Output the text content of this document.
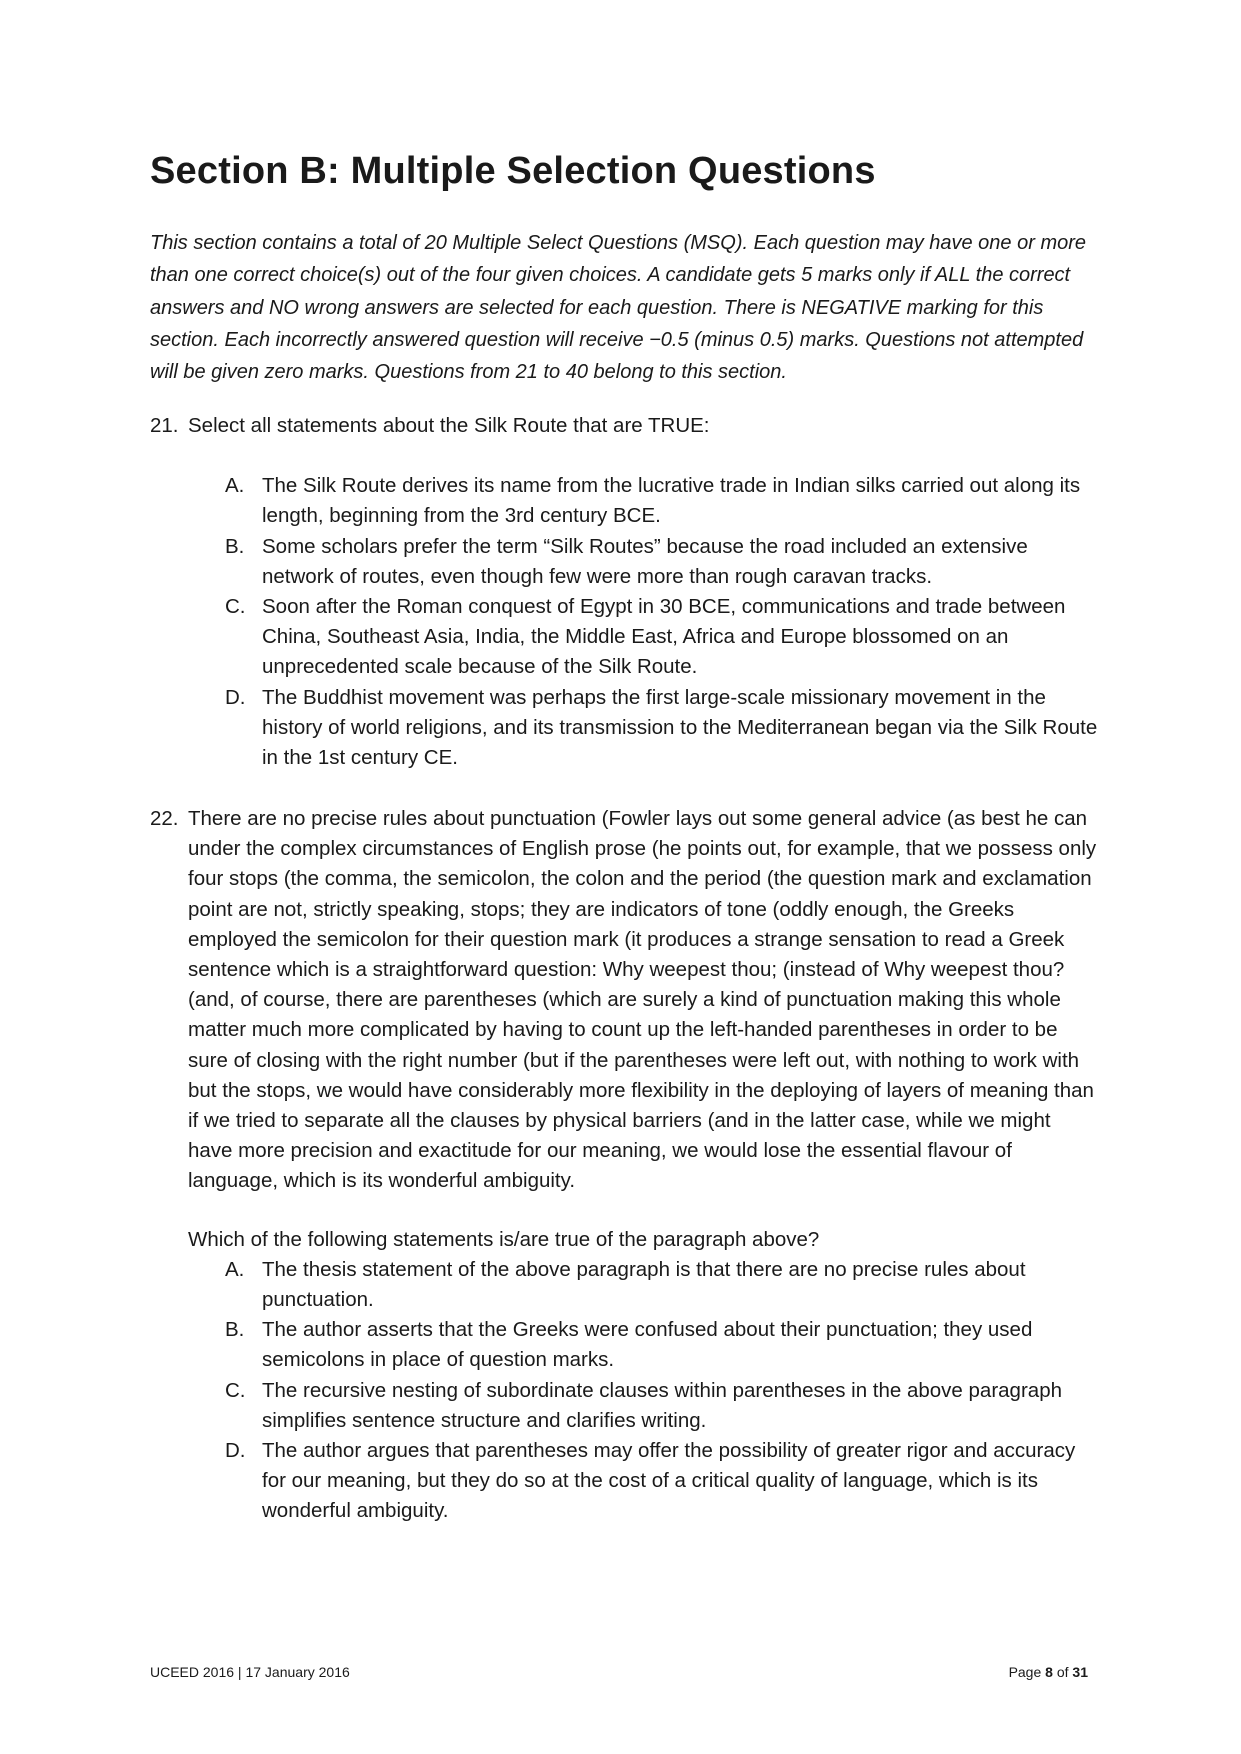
Section B: Multiple Selection Questions

This section contains a total of 20 Multiple Select Questions (MSQ). Each question may have one or more than one correct choice(s) out of the four given choices. A candidate gets 5 marks only if ALL the correct answers and NO wrong answers are selected for each question. There is NEGATIVE marking for this section. Each incorrectly answered question will receive −0.5 (minus 0.5) marks. Questions not attempted will be given zero marks. Questions from 21 to 40 belong to this section.

21. Select all statements about the Silk Route that are TRUE:
A. The Silk Route derives its name from the lucrative trade in Indian silks carried out along its length, beginning from the 3rd century BCE.
B. Some scholars prefer the term “Silk Routes” because the road included an extensive network of routes, even though few were more than rough caravan tracks.
C. Soon after the Roman conquest of Egypt in 30 BCE, communications and trade between China, Southeast Asia, India, the Middle East, Africa and Europe blossomed on an unprecedented scale because of the Silk Route.
D. The Buddhist movement was perhaps the first large-scale missionary movement in the history of world religions, and its transmission to the Mediterranean began via the Silk Route in the 1st century CE.
22. There are no precise rules about punctuation (Fowler lays out some general advice (as best he can under the complex circumstances of English prose (he points out, for example, that we possess only four stops (the comma, the semicolon, the colon and the period (the question mark and exclamation point are not, strictly speaking, stops; they are indicators of tone (oddly enough, the Greeks employed the semicolon for their question mark (it produces a strange sensation to read a Greek sentence which is a straightforward question: Why weepest thou; (instead of Why weepest thou? (and, of course, there are parentheses (which are surely a kind of punctuation making this whole matter much more complicated by having to count up the left-handed parentheses in order to be sure of closing with the right number (but if the parentheses were left out, with nothing to work with but the stops, we would have considerably more flexibility in the deploying of layers of meaning than if we tried to separate all the clauses by physical barriers (and in the latter case, while we might have more precision and exactitude for our meaning, we would lose the essential flavour of language, which is its wonderful ambiguity.
Which of the following statements is/are true of the paragraph above?
A. The thesis statement of the above paragraph is that there are no precise rules about punctuation.
B. The author asserts that the Greeks were confused about their punctuation; they used semicolons in place of question marks.
C. The recursive nesting of subordinate clauses within parentheses in the above paragraph simplifies sentence structure and clarifies writing.
D. The author argues that parentheses may offer the possibility of greater rigor and accuracy for our meaning, but they do so at the cost of a critical quality of language, which is its wonderful ambiguity.
UCEED 2016 | 17 January 2016	Page 8 of 31
